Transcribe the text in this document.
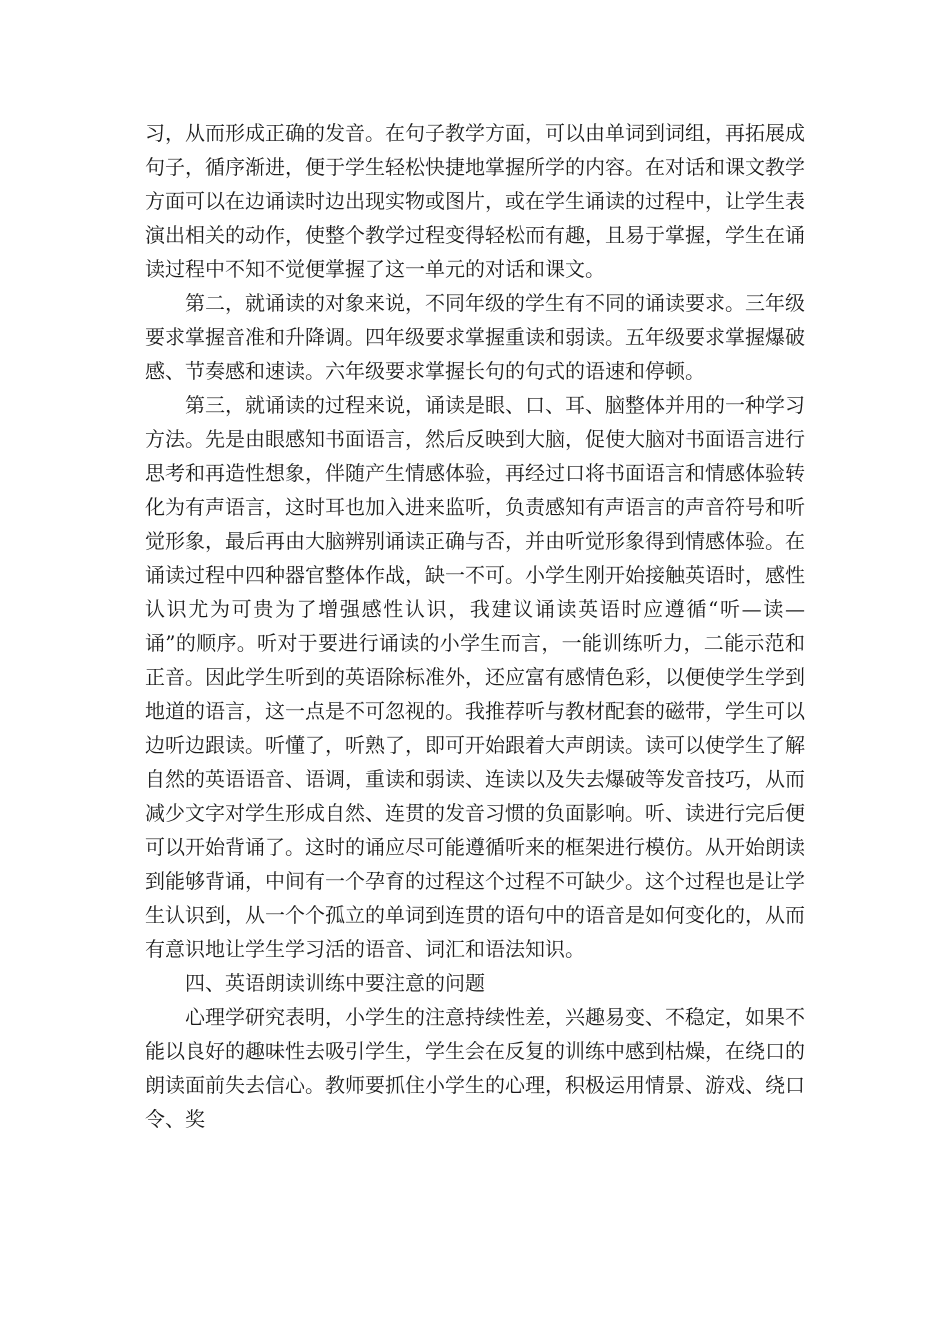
习，从而形成正确的发音。在句子教学方面，可以由单词到词组，再拓展成句子，循序渐进，便于学生轻松快捷地掌握所学的内容。在对话和课文教学方面可以在边诵读时边出现实物或图片，或在学生诵读的过程中，让学生表演出相关的动作，使整个教学过程变得轻松而有趣，且易于掌握，学生在诵读过程中不知不觉便掌握了这一单元的对话和课文。

第二，就诵读的对象来说，不同年级的学生有不同的诵读要求。三年级要求掌握音准和升降调。四年级要求掌握重读和弱读。五年级要求掌握爆破感、节奏感和速读。六年级要求掌握长句的句式的语速和停顿。

第三，就诵读的过程来说，诵读是眼、口、耳、脑整体并用的一种学习方法。先是由眼感知书面语言，然后反映到大脑，促使大脑对书面语言进行思考和再造性想象，伴随产生情感体验，再经过口将书面语言和情感体验转化为有声语言，这时耳也加入进来监听，负责感知有声语言的声音符号和听觉形象，最后再由大脑辨别诵读正确与否，并由听觉形象得到情感体验。在诵读过程中四种器官整体作战，缺一不可。小学生刚开始接触英语时，感性认识尤为可贵为了增强感性认识，我建议诵读英语时应遵循“听—读—诵”的顺序。听对于要进行诵读的小学生而言，一能训练听力，二能示范和正音。因此学生听到的英语除标准外，还应富有感情色彩，以便使学生学到地道的语言，这一点是不可忽视的。我推荐听与教材配套的磁带，学生可以边听边跟读。听懂了，听熟了，即可开始跟着大声朗读。读可以使学生了解自然的英语语音、语调，重读和弱读、连读以及失去爆破等发音技巧，从而减少文字对学生形成自然、连贯的发音习惯的负面影响。听、读进行完后便可以开始背诵了。这时的诵应尽可能遵循听来的框架进行模仿。从开始朗读到能够背诵，中间有一个孕育的过程这个过程不可缺少。这个过程也是让学生认识到，从一个个孤立的单词到连贯的语句中的语音是如何变化的，从而有意识地让学生学习活的语音、词汇和语法知识。

四、英语朗读训练中要注意的问题

心理学研究表明，小学生的注意持续性差，兴趣易变、不稳定，如果不能以良好的趣味性去吸引学生，学生会在反复的训练中感到枯燥，在绕口的朗读面前失去信心。教师要抓住小学生的心理，积极运用情景、游戏、绕口令、奖
